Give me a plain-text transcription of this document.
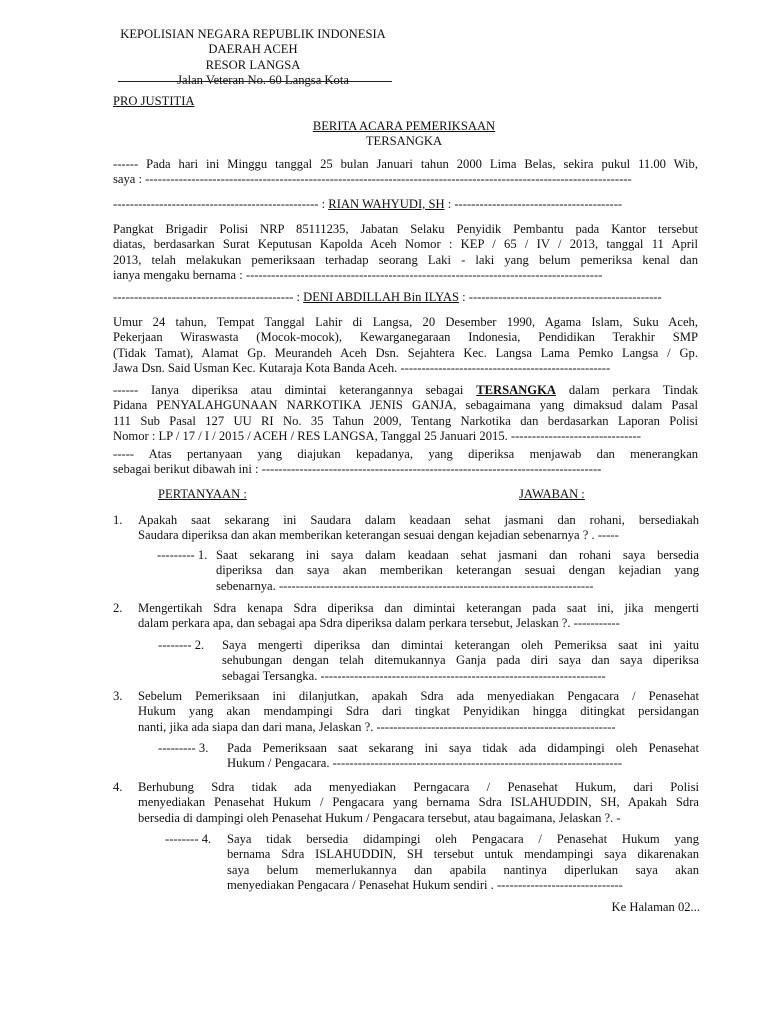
KEPOLISIAN NEGARA REPUBLIK INDONESIA
DAERAH ACEH
RESOR LANGSA
Jalan Veteran No. 60 Langsa Kota
PRO JUSTITIA
BERITA ACARA PEMERIKSAAN
TERSANGKA
------ Pada hari ini Minggu tanggal 25 bulan Januari tahun 2000 Lima Belas, sekira pukul 11.00 Wib,
saya : --------------------------------------------------------------------------------------------------------------------
------------------------------------------------- : RIAN WAHYUDI, SH : ----------------------------------------
Pangkat Brigadir Polisi NRP 85111235, Jabatan Selaku Penyidik Pembantu pada Kantor tersebut
diatas, berdasarkan Surat Keputusan Kapolda Aceh Nomor : KEP / 65 / IV / 2013, tanggal 11 April
2013, telah melakukan pemeriksaan terhadap seorang Laki - laki yang belum pemeriksa kenal dan
ianya mengaku bernama : -------------------------------------------------------------------------------------
------------------------------------------- : DENI ABDILLAH Bin ILYAS : ----------------------------------------------
Umur 24 tahun, Tempat Tanggal Lahir di Langsa, 20 Desember 1990, Agama Islam, Suku Aceh,
Pekerjaan Wiraswasta (Mocok-mocok), Kewarganegaraan Indonesia, Pendidikan Terakhir SMP
(Tidak Tamat), Alamat Gp. Meurandeh Aceh Dsn. Sejahtera Kec. Langsa Lama Pemko Langsa / Gp.
Jawa Dsn. Said Usman Kec. Kutaraja Kota Banda Aceh. --------------------------------------------------
------ Ianya diperiksa atau dimintai keterangannya sebagai TERSANGKA dalam perkara Tindak
Pidana PENYALAHGUNAAN NARKOTIKA JENIS GANJA, sebagaimana yang dimaksud dalam Pasal
111 Sub Pasal 127 UU RI No. 35 Tahun 2009, Tentang Narkotika dan berdasarkan Laporan Polisi
Nomor : LP / 17 / I / 2015 / ACEH / RES LANGSA, Tanggal 25 Januari 2015. -------------------------------
----- Atas pertanyaan yang diajukan kepadanya, yang diperiksa menjawab dan menerangkan
sebagai berikut dibawah ini : ---------------------------------------------------------------------------------
PERTANYAAN :	JAWABAN :
1. Apakah saat sekarang ini Saudara dalam keadaan sehat jasmani dan rohani, bersediakah
Saudara diperiksa dan akan memberikan keterangan sesuai dengan kejadian sebenarnya ? . -----
--------- 1. Saat sekarang ini saya dalam keadaan sehat jasmani dan rohani saya bersedia
diperiksa dan saya akan memberikan keterangan sesuai dengan kejadian yang
sebenarnya. ---------------------------------------------------------------------------
2. Mengertikah Sdra kenapa Sdra diperiksa dan dimintai keterangan pada saat ini, jika mengerti
dalam perkara apa, dan sebagai apa Sdra diperiksa dalam perkara tersebut, Jelaskan ?. -----------
-------- 2. Saya mengerti diperiksa dan dimintai keterangan oleh Pemeriksa saat ini yaitu
sehubungan dengan telah ditemukannya Ganja pada diri saya dan saya diperiksa
sebagai Tersangka. --------------------------------------------------------------------
3. Sebelum Pemeriksaan ini dilanjutkan, apakah Sdra ada menyediakan Pengacara / Penasehat
Hukum yang akan mendampingi Sdra dari tingkat Penyidikan hingga ditingkat persidangan
nanti, jika ada siapa dan dari mana, Jelaskan ?. ---------------------------------------------------------
--------- 3. Pada Pemeriksaan saat sekarang ini saya tidak ada didampingi oleh Penasehat
Hukum / Pengacara. ---------------------------------------------------------------------
4. Berhubung Sdra tidak ada menyediakan Perngacara / Penasehat Hukum, dari Polisi
menyediakan Penasehat Hukum / Pengacara yang bernama Sdra ISLAHUDDIN, SH, Apakah Sdra
bersedia di dampingi oleh Penasehat Hukum / Pengacara tersebut, atau bagaimana, Jelaskan ?. -
-------- 4. Saya tidak bersedia didampingi oleh Pengacara / Penasehat Hukum yang
bernama Sdra ISLAHUDDIN, SH tersebut untuk mendampingi saya dikarenakan
saya belum memerlukannya dan apabila nantinya diperlukan saya akan
menyediakan Pengacara / Penasehat Hukum sendiri . ------------------------------
Ke Halaman 02...
